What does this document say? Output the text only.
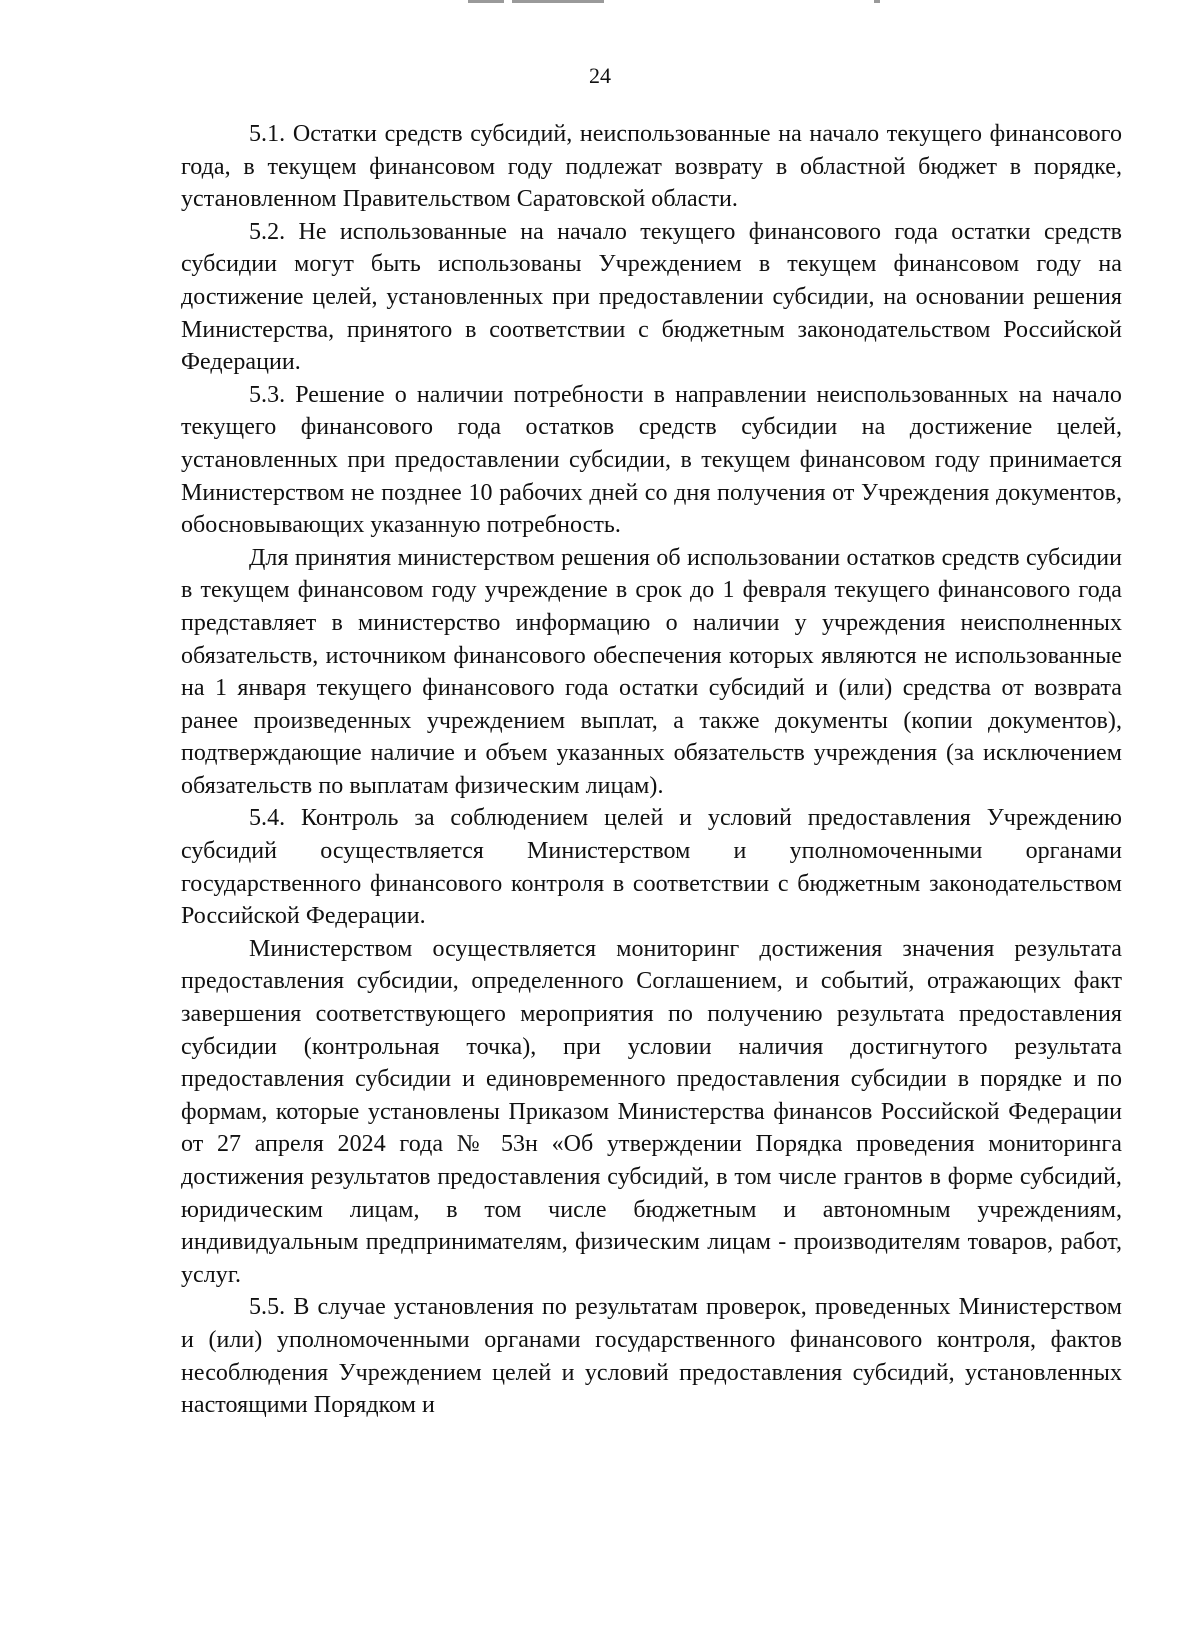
24

5.1. Остатки средств субсидий, неиспользованные на начало текущего финансового года, в текущем финансовом году подлежат возврату в областной бюджет в порядке, установленном Правительством Саратовской области.

5.2. Не использованные на начало текущего финансового года остатки средств субсидии могут быть использованы Учреждением в текущем финансовом году на достижение целей, установленных при предоставлении субсидии, на основании решения Министерства, принятого в соответствии с бюджетным законодательством Российской Федерации.

5.3. Решение о наличии потребности в направлении неиспользованных на начало текущего финансового года остатков средств субсидии на достижение целей, установленных при предоставлении субсидии, в текущем финансовом году принимается Министерством не позднее 10 рабочих дней со дня получения от Учреждения документов, обосновывающих указанную потребность.

Для принятия министерством решения об использовании остатков средств субсидии в текущем финансовом году учреждение в срок до 1 февраля текущего финансового года представляет в министерство информацию о наличии у учреждения неисполненных обязательств, источником финансового обеспечения которых являются не использованные на 1 января текущего финансового года остатки субсидий и (или) средства от возврата ранее произведенных учреждением выплат, а также документы (копии документов), подтверждающие наличие и объем указанных обязательств учреждения (за исключением обязательств по выплатам физическим лицам).

5.4. Контроль за соблюдением целей и условий предоставления Учреждению субсидий осуществляется Министерством и уполномоченными органами государственного финансового контроля в соответствии с бюджетным законодательством Российской Федерации.

Министерством осуществляется мониторинг достижения значения результата предоставления субсидии, определенного Соглашением, и событий, отражающих факт завершения соответствующего мероприятия по получению результата предоставления субсидии (контрольная точка), при условии наличия достигнутого результата предоставления субсидии и единовременного предоставления субсидии в порядке и по формам, которые установлены Приказом Министерства финансов Российской Федерации от 27 апреля 2024 года № 53н «Об утверждении Порядка проведения мониторинга достижения результатов предоставления субсидий, в том числе грантов в форме субсидий, юридическим лицам, в том числе бюджетным и автономным учреждениям, индивидуальным предпринимателям, физическим лицам - производителям товаров, работ, услуг.

5.5. В случае установления по результатам проверок, проведенных Министерством и (или) уполномоченными органами государственного финансового контроля, фактов несоблюдения Учреждением целей и условий предоставления субсидий, установленных настоящими Порядком и
